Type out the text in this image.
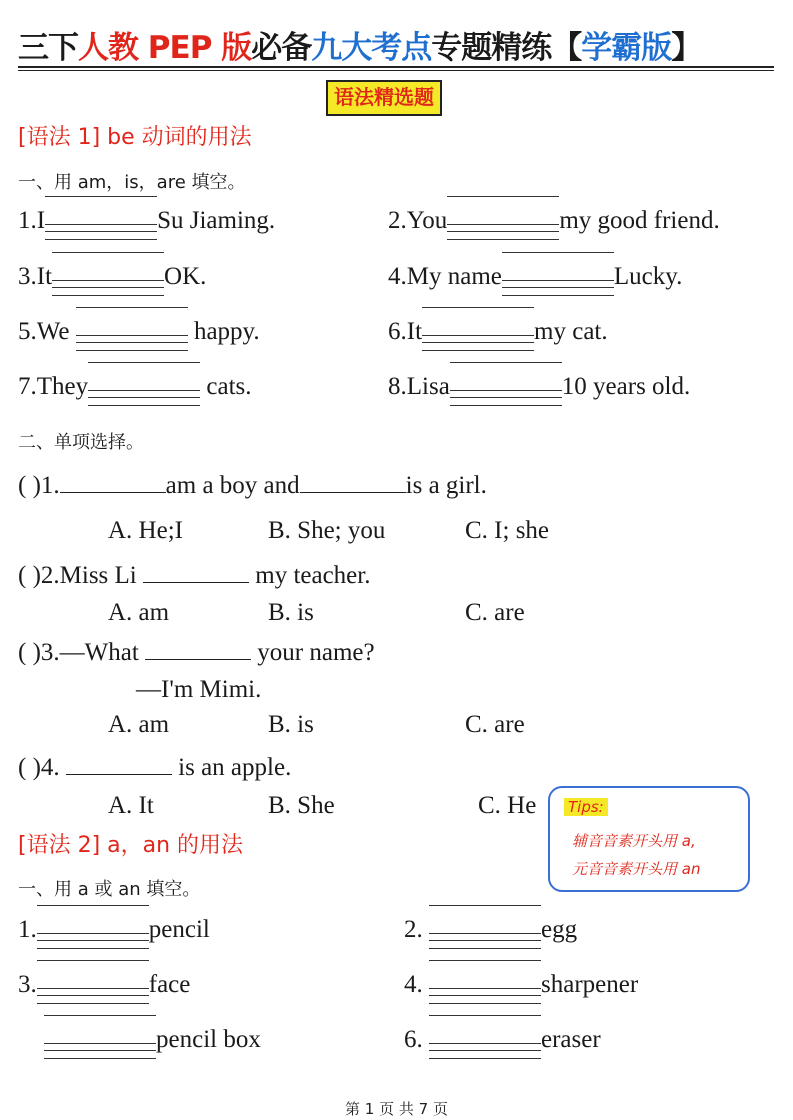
三下人教 PEP 版必备九大考点专题精练【学霸版】
语法精选题
[语法 1] be 动词的用法
一、用 am，is，are 填空。
1.I	Su Jiaming.	2.You	my good friend.
3.It	OK.	4.My name	Lucky.
5.We	happy.	6.It	my cat.
7.They	cats.	8.Lisa	10 years old.
二、单项选择。
( )1.	am a boy and	is a girl.
A. He;I	B. She; you	C. I; she
( )2.Miss Li	my teacher.
A. am	B. is	C. are
( )3.—What	your name?
—I'm Mimi.
A. am	B. is	C. are
( )4.	is an apple.
A. It	B. She	C. He Tips:
辅音音素开头用 a,
元音音素开头用 an
[语法 2] a，an 的用法
一、用 a 或 an 填空。
1.	pencil	2.	egg
3.	face	4.	sharpener
pencil box	6.	eraser
第 1 页 共 7 页
